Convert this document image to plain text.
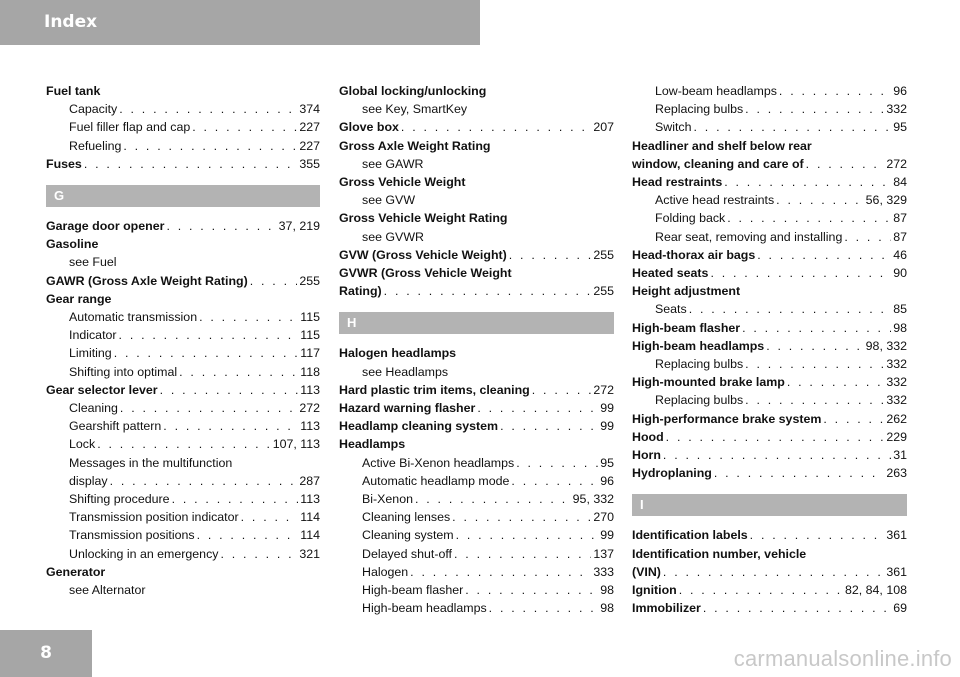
Index
Fuel tank
Capacity . . .	374
Fuel filler flap and cap . . .	227
Refueling . . .	227
Fuses . . .	355
G
Garage door opener . . .	37, 219
Gasoline
see Fuel
GAWR (Gross Axle Weight Rating) . . .	255
Gear range
Automatic transmission . . .	115
Indicator . . .	115
Limiting . . .	117
Shifting into optimal . . .	118
Gear selector lever . . .	113
Cleaning . . .	272
Gearshift pattern . . .	113
Lock . . .	107, 113
Messages in the multifunction
display . . .	287
Shifting procedure . . .	113
Transmission position indicator . . .	114
Transmission positions . . .	114
Unlocking in an emergency . . .	321
Generator
see Alternator
Global locking/unlocking
see Key, SmartKey
Glove box . . .	207
Gross Axle Weight Rating
see GAWR
Gross Vehicle Weight
see GVW
Gross Vehicle Weight Rating
see GVWR
GVW (Gross Vehicle Weight) . . .	255
GVWR (Gross Vehicle Weight
Rating) . . .	255
H
Halogen headlamps
see Headlamps
Hard plastic trim items, cleaning . . .	272
Hazard warning flasher . . .	99
Headlamp cleaning system . . .	99
Headlamps
Active Bi-Xenon headlamps . . .	95
Automatic headlamp mode . . .	96
Bi-Xenon . . .	95, 332
Cleaning lenses . . .	270
Cleaning system . . .	99
Delayed shut-off . . .	137
Halogen . . .	333
High-beam flasher . . .	98
High-beam headlamps . . .	98
Low-beam headlamps . . .	96
Replacing bulbs . . .	332
Switch . . .	95
Headliner and shelf below rear
window, cleaning and care of . . .	272
Head restraints . . .	84
Active head restraints . . .	56, 329
Folding back . . .	87
Rear seat, removing and installing . . .	87
Head-thorax air bags . . .	46
Heated seats . . .	90
Height adjustment
Seats . . .	85
High-beam flasher . . .	98
High-beam headlamps . . .	98, 332
Replacing bulbs . . .	332
High-mounted brake lamp . . .	332
Replacing bulbs . . .	332
High-performance brake system . . .	262
Hood . . .	229
Horn . . .	31
Hydroplaning . . .	263
I
Identification labels . . .	361
Identification number, vehicle
(VIN) . . .	361
Ignition . . .	82, 84, 108
Immobilizer . . .	69
8	carmanualsonline.info
